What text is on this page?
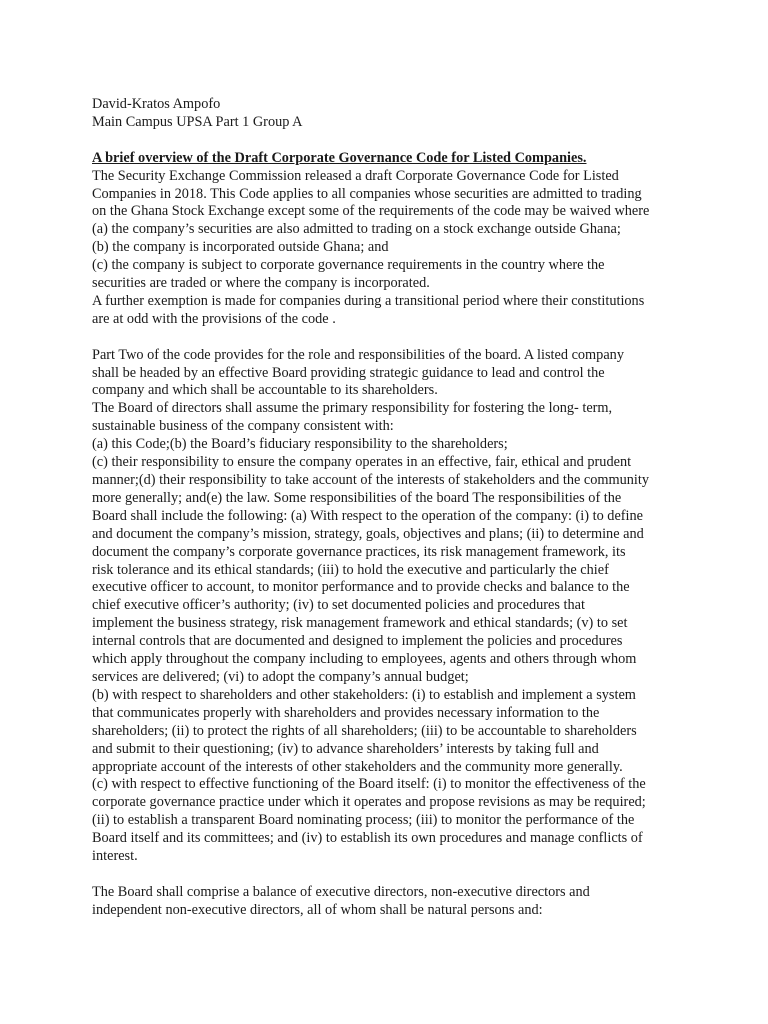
David-Kratos Ampofo
Main Campus UPSA Part 1 Group A
A brief overview of the Draft Corporate Governance Code for Listed Companies.
The Security Exchange Commission released a draft Corporate Governance Code for Listed
Companies in 2018. This Code applies to all companies whose securities are admitted to trading
on the Ghana Stock Exchange except some of the requirements of the code may be waived where
(a) the company’s securities are also admitted to trading on a stock exchange outside Ghana;
(b) the company is incorporated outside Ghana; and
(c) the company is subject to corporate governance requirements in the country where the
securities are traded or where the company is incorporated.
A further exemption is made for companies during a transitional period where their constitutions
are at odd with the provisions of the code .
Part Two of the code provides for the role and responsibilities of the board. A listed company
shall be headed by an effective Board providing strategic guidance to lead and control the
company and which shall be accountable to its shareholders.
The Board of directors shall assume the primary responsibility for fostering the long- term,
sustainable business of the company consistent with:
(a) this Code;(b) the Board’s fiduciary responsibility to the shareholders;
(c) their responsibility to ensure the company operates in an effective, fair, ethical and prudent
manner;(d) their responsibility to take account of the interests of stakeholders and the community
more generally; and(e) the law. Some responsibilities of the board The responsibilities of the
Board shall include the following: (a) With respect to the operation of the company: (i) to define
and document the company’s mission, strategy, goals, objectives and plans; (ii) to determine and
document the company’s corporate governance practices, its risk management framework, its
risk tolerance and its ethical standards; (iii) to hold the executive and particularly the chief
executive officer to account, to monitor performance and to provide checks and balance to the
chief executive officer’s authority; (iv) to set documented policies and procedures that
implement the business strategy, risk management framework and ethical standards; (v) to set
internal controls that are documented and designed to implement the policies and procedures
which apply throughout the company including to employees, agents and others through whom
services are delivered; (vi) to adopt the company’s annual budget;
(b) with respect to shareholders and other stakeholders: (i) to establish and implement a system
that communicates properly with shareholders and provides necessary information to the
shareholders; (ii) to protect the rights of all shareholders; (iii) to be accountable to shareholders
and submit to their questioning; (iv) to advance shareholders’ interests by taking full and
appropriate account of the interests of other stakeholders and the community more generally.
(c) with respect to effective functioning of the Board itself: (i) to monitor the effectiveness of the
corporate governance practice under which it operates and propose revisions as may be required;
(ii) to establish a transparent Board nominating process; (iii) to monitor the performance of the
Board itself and its committees; and (iv) to establish its own procedures and manage conflicts of
interest.
The Board shall comprise a balance of executive directors, non-executive directors and
independent non-executive directors, all of whom shall be natural persons and:
